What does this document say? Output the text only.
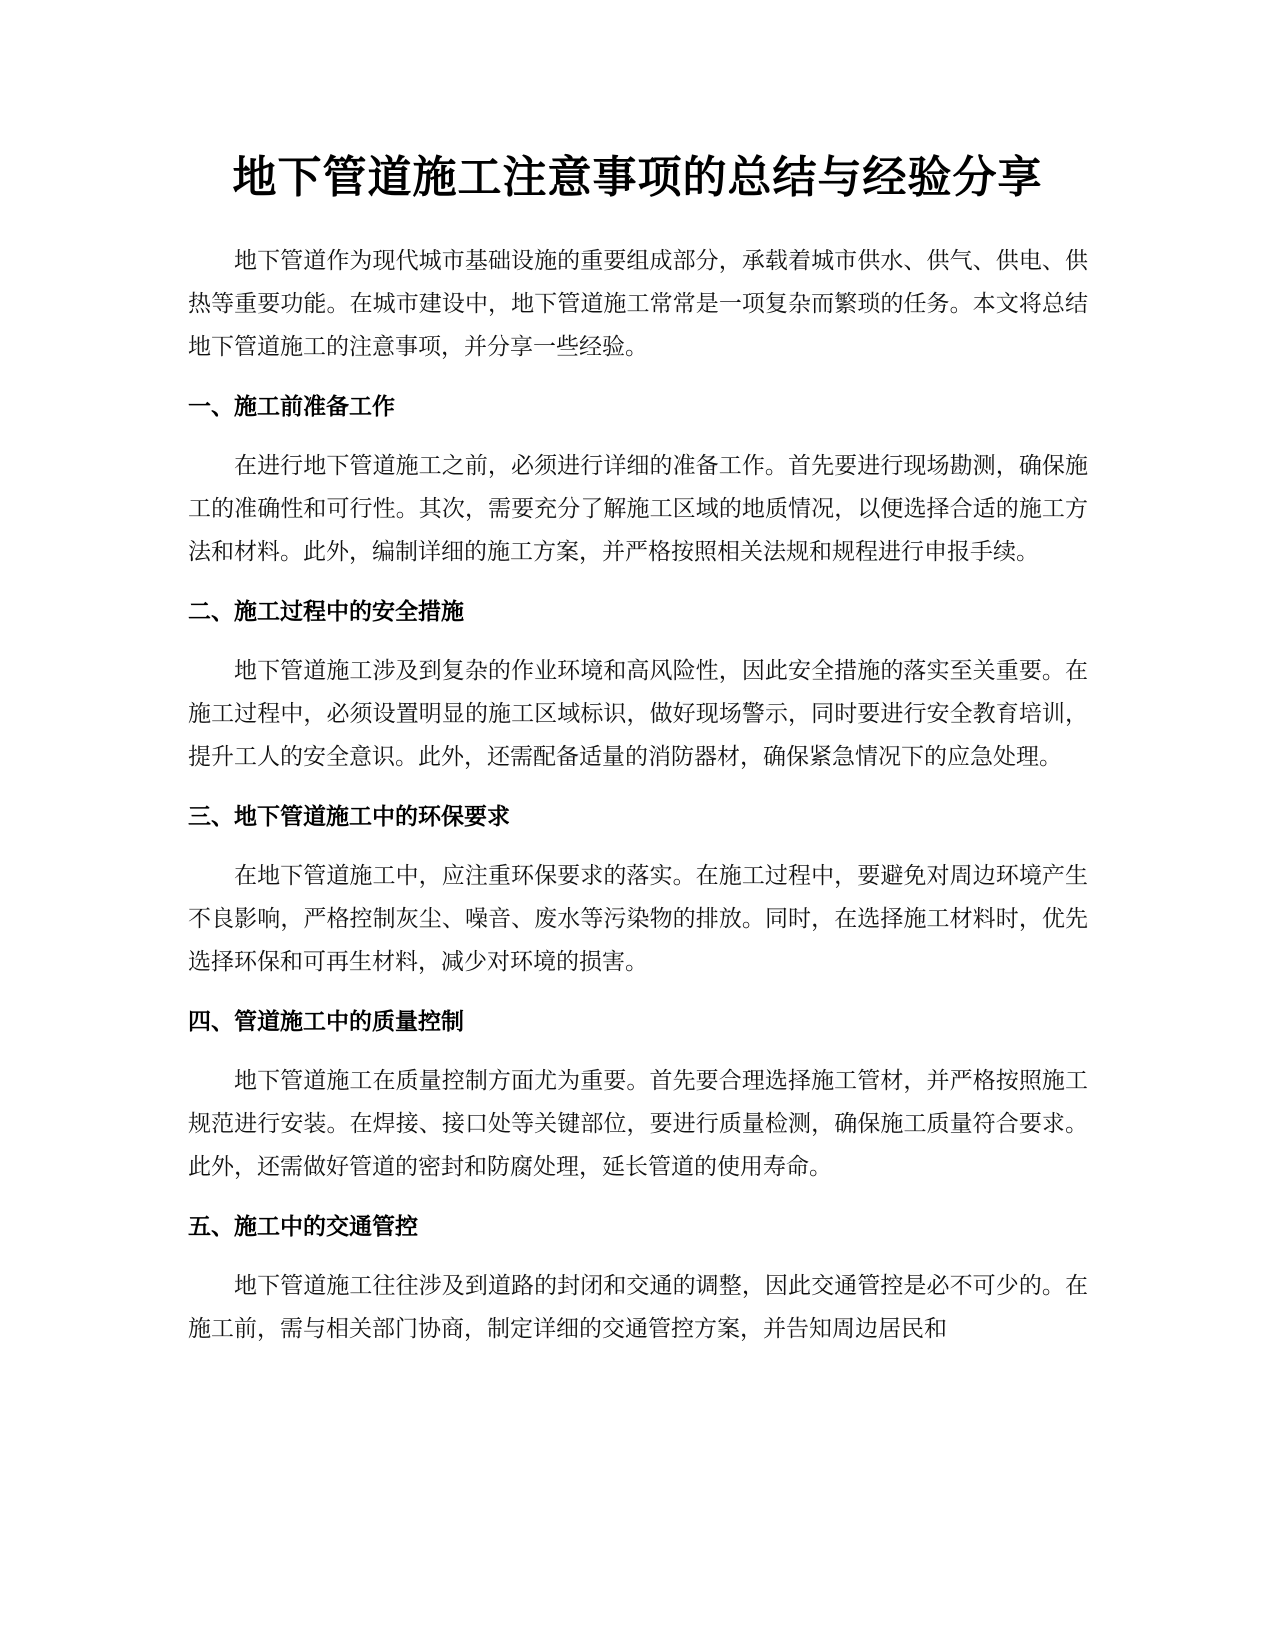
地下管道施工注意事项的总结与经验分享

地下管道作为现代城市基础设施的重要组成部分，承载着城市供水、供气、供电、供热等重要功能。在城市建设中，地下管道施工常常是一项复杂而繁琐的任务。本文将总结地下管道施工的注意事项，并分享一些经验。

一、施工前准备工作

在进行地下管道施工之前，必须进行详细的准备工作。首先要进行现场勘测，确保施工的准确性和可行性。其次，需要充分了解施工区域的地质情况，以便选择合适的施工方法和材料。此外，编制详细的施工方案，并严格按照相关法规和规程进行申报手续。

二、施工过程中的安全措施

地下管道施工涉及到复杂的作业环境和高风险性，因此安全措施的落实至关重要。在施工过程中，必须设置明显的施工区域标识，做好现场警示，同时要进行安全教育培训，提升工人的安全意识。此外，还需配备适量的消防器材，确保紧急情况下的应急处理。

三、地下管道施工中的环保要求

在地下管道施工中，应注重环保要求的落实。在施工过程中，要避免对周边环境产生不良影响，严格控制灰尘、噪音、废水等污染物的排放。同时，在选择施工材料时，优先选择环保和可再生材料，减少对环境的损害。

四、管道施工中的质量控制

地下管道施工在质量控制方面尤为重要。首先要合理选择施工管材，并严格按照施工规范进行安装。在焊接、接口处等关键部位，要进行质量检测，确保施工质量符合要求。此外，还需做好管道的密封和防腐处理，延长管道的使用寿命。

五、施工中的交通管控

地下管道施工往往涉及到道路的封闭和交通的调整，因此交通管控是必不可少的。在施工前，需与相关部门协商，制定详细的交通管控方案，并告知周边居民和
